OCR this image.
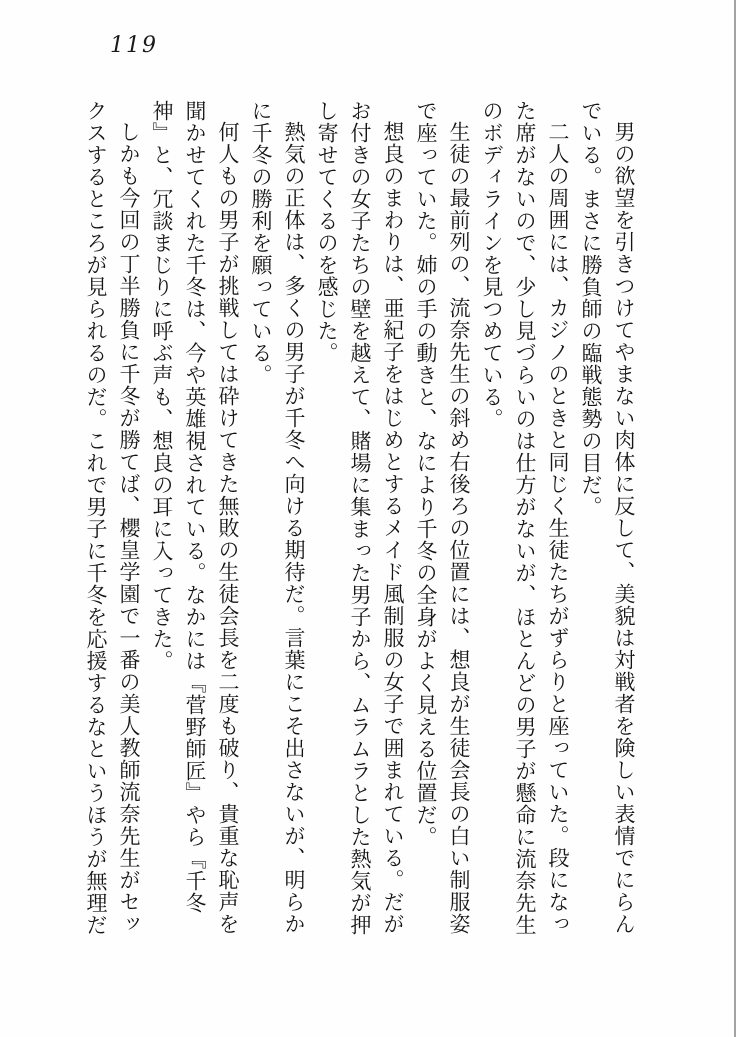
119

男の欲望を引きつけてやまない肉体に反して、美貌は対戦者を険しい表情でにらんでいる。まさに勝負師の臨戦態勢の目だ。

二人の周囲には、カジノのときと同じく生徒たちがずらりと座っていた。段になった席がないので、少し見づらいのは仕方がないが、ほとんどの男子が懸命に流奈先生のボディラインを見つめている。

生徒の最前列の、流奈先生の斜め右後ろの位置には、想良が生徒会長の白い制服姿で座っていた。姉の手の動きと、なにより千冬の全身がよく見える位置だ。

想良のまわりは、亜紀子をはじめとするメイド風制服の女子で囲まれている。だがお付きの女子たちの壁を越えて、賭場に集まった男子から、ムラムラとした熱気が押し寄せてくるのを感じた。

熱気の正体は、多くの男子が千冬へ向ける期待だ。言葉にこそ出さないが、明らかに千冬の勝利を願っている。

何人もの男子が挑戦しては砕けてきた無敗の生徒会長を二度も破り、貴重な恥声を聞かせてくれた千冬は、今や英雄視されている。なかには『菅野師匠』やら『千冬神』と、冗談まじりに呼ぶ声も、想良の耳に入ってきた。

しかも今回の丁半勝負に千冬が勝てば、櫻皇学園で一番の美人教師流奈先生がセックスするところが見られるのだ。これで男子に千冬を応援するなというほうが無理だ
